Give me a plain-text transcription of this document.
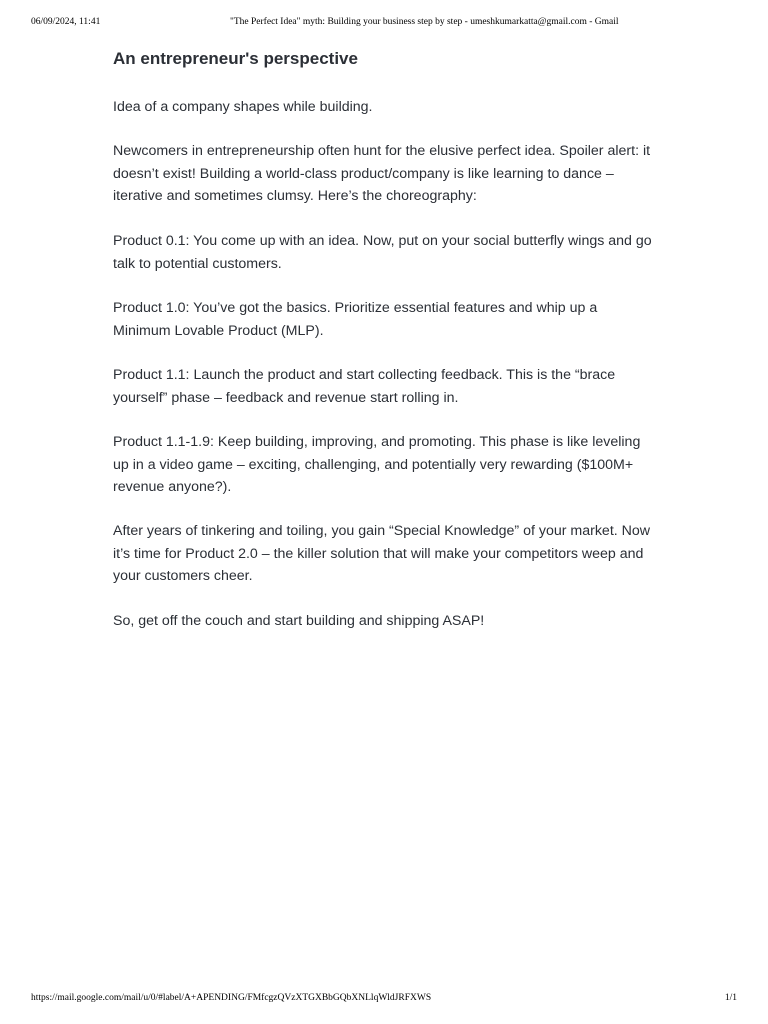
06/09/2024, 11:41	"The Perfect Idea" myth: Building your business step by step - umeshkumarkatta@gmail.com - Gmail
An entrepreneur's perspective

Idea of a company shapes while building.

Newcomers in entrepreneurship often hunt for the elusive perfect idea. Spoiler alert: it doesn’t exist! Building a world-class product/company is like learning to dance – iterative and sometimes clumsy. Here’s the choreography:

Product 0.1: You come up with an idea. Now, put on your social butterfly wings and go talk to potential customers.

Product 1.0: You’ve got the basics. Prioritize essential features and whip up a Minimum Lovable Product (MLP).

Product 1.1: Launch the product and start collecting feedback. This is the “brace yourself” phase – feedback and revenue start rolling in.

Product 1.1-1.9: Keep building, improving, and promoting. This phase is like leveling up in a video game – exciting, challenging, and potentially very rewarding ($100M+ revenue anyone?).

After years of tinkering and toiling, you gain “Special Knowledge” of your market. Now it’s time for Product 2.0 – the killer solution that will make your competitors weep and your customers cheer.

So, get off the couch and start building and shipping ASAP!

https://mail.google.com/mail/u/0/#label/A+APENDING/FMfcgzQVzXTGXBbGQbXNLlqWldJRFXWS	1/1
